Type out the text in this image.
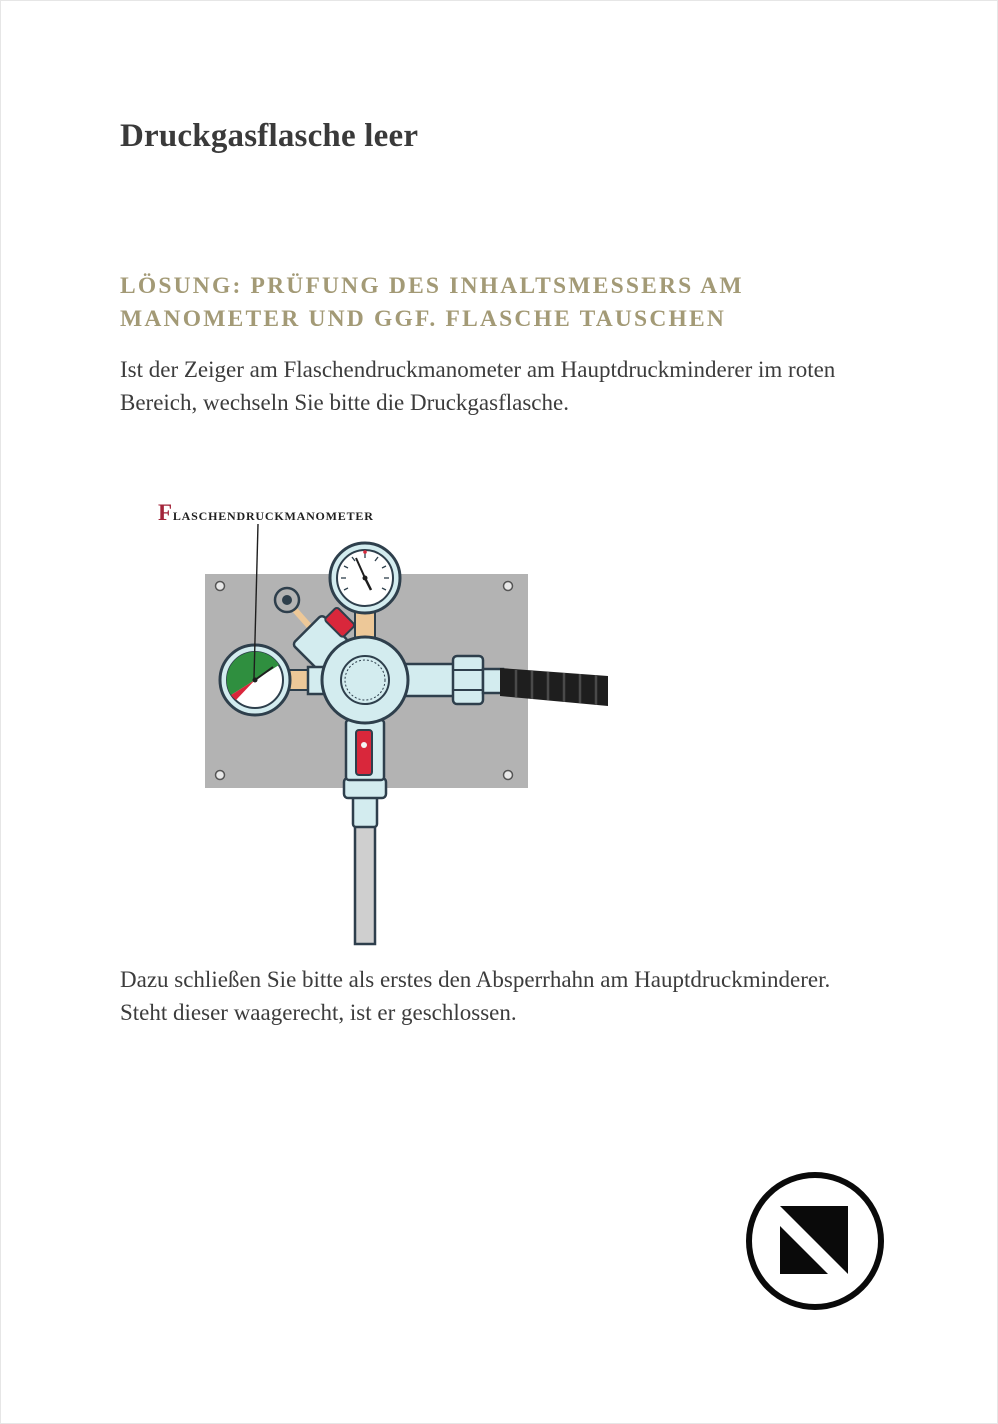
Druckgasflasche leer
LÖSUNG: PRÜFUNG DES INHALTSMESSERS AM MANOMETER UND GGF. FLASCHE TAUSCHEN

Ist der Zeiger am Flaschendruckmanometer am Hauptdruckminderer im roten Bereich, wechseln Sie bitte die Druckgasflasche.

Flaschendruckmanometer

Dazu schließen Sie bitte als erstes den Absperrhahn am Hauptdruckminderer. Steht dieser waagerecht, ist er geschlossen.
